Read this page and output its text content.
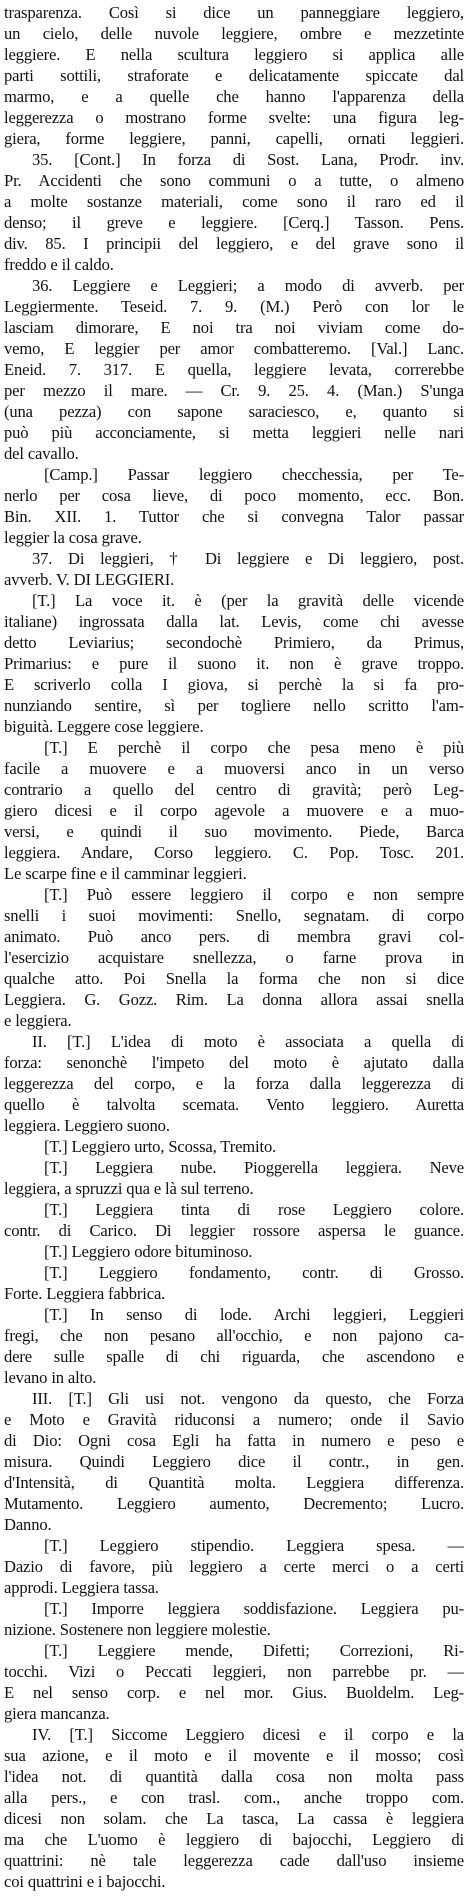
trasparenza. Così si dice un panneggiare leggiero,
un cielo, delle nuvole leggiere, ombre e mezzetinte
leggiere. E nella scultura leggiero si applica alle
parti sottili, straforate e delicatamente spiccate dal
marmo, e a quelle che hanno l'apparenza della
leggerezza o mostrano forme svelte: una figura leg-
giera, forme leggiere, panni, capelli, ornati leggieri.
35. [Cont.] In forza di Sost. Lana, Prodr. inv.
Pr. Accidenti che sono communi o a tutte, o almeno
a molte sostanze materiali, come sono il raro ed il
denso; il greve e leggiere. [Cerq.] Tasson. Pens.
div. 85. I principii del leggiero, e del grave sono il
freddo e il caldo.
36. Leggiere e Leggieri; a modo di avverb. per
Leggiermente. Teseid. 7. 9. (M.) Però con lor le
lasciam dimorare, E noi tra noi viviam come do-
vemo, E leggier per amor combatteremo. [Val.] Lanc.
Eneid. 7. 317. E quella, leggiere levata, correrebbe
per mezzo il mare. — Cr. 9. 25. 4. (Man.) S'unga
(una pezza) con sapone saraciesco, e, quanto si
può più acconciamente, si metta leggieri nelle nari
del cavallo.
[Camp.] Passar leggiero checchessia, per Te-
nerlo per cosa lieve, di poco momento, ecc. Bon.
Bin. XII. 1. Tuttor che si convegna Talor passar
leggier la cosa grave.
37. Di leggieri, † Di leggiere e Di leggiero, post.
avverb. V. DI LEGGIERI.
[T.] La voce it. è (per la gravità delle vicende
italiane) ingrossata dalla lat. Levis, come chi avesse
detto Leviarius; secondochè Primiero, da Primus,
Primarius: e pure il suono it. non è grave troppo.
E scriverlo colla I giova, si perchè la si fa pro-
nunziando sentire, sì per togliere nello scritto l'am-
biguità. Leggere cose leggiere.
[T.] E perchè il corpo che pesa meno è più
facile a muovere e a muoversi anco in un verso
contrario a quello del centro di gravità; però Leg-
giero dicesi e il corpo agevole a muovere e a muo-
versi, e quindi il suo movimento. Piede, Barca
leggiera. Andare, Corso leggiero. C. Pop. Tosc. 201.
Le scarpe fine e il camminar leggieri.
[T.] Può essere leggiero il corpo e non sempre
snelli i suoi movimenti: Snello, segnatam. di corpo
animato. Può anco pers. di membra gravi col-
l'esercizio acquistare snellezza, o farne prova in
qualche atto. Poi Snella la forma che non si dice
Leggiera. G. Gozz. Rim. La donna allora assai snella
e leggiera.
II. [T.] L'idea di moto è associata a quella di
forza: senonchè l'impeto del moto è ajutato dalla
leggerezza del corpo, e la forza dalla leggerezza di
quello è talvolta scemata. Vento leggiero. Auretta
leggiera. Leggiero suono.
[T.] Leggiero urto, Scossa, Tremito.
[T.] Leggiera nube. Pioggerella leggiera. Neve
leggiera, a spruzzi qua e là sul terreno.
[T.] Leggiera tinta di rose Leggiero colore.
contr. di Carico. Di leggier rossore aspersa le guance.
[T.] Leggiero odore bituminoso.
[T.] Leggiero fondamento, contr. di Grosso.
Forte. Leggiera fabbrica.
[T.] In senso di lode. Archi leggieri, Leggieri
fregi, che non pesano all'occhio, e non pajono ca-
dere sulle spalle di chi riguarda, che ascendono e
levano in alto.
III. [T.] Gli usi not. vengono da questo, che Forza
e Moto e Gravità riduconsi a numero; onde il Savio
di Dio: Ogni cosa Egli ha fatta in numero e peso e
misura. Quindi Leggiero dice il contr., in gen.
d'Intensità, di Quantità molta. Leggiera differenza.
Mutamento. Leggiero aumento, Decremento; Lucro.
Danno.
[T.] Leggiero stipendio. Leggiera spesa. —
Dazio di favore, più leggiero a certe merci o a certi
approdi. Leggiera tassa.
[T.] Imporre leggiera soddisfazione. Leggiera pu-
nizione. Sostenere non leggiere molestie.
[T.] Leggiere mende, Difetti; Correzioni, Ri-
tocchi. Vizi o Peccati leggieri, non parrebbe pr. —
E nel senso corp. e nel mor. Gius. Buoldelm. Leg-
giera mancanza.
IV. [T.] Siccome Leggiero dicesi e il corpo e la
sua azione, e il moto e il movente e il mosso; così
l'idea not. di quantità dalla cosa non molta pass
alla pers., e con trasl. com., anche troppo com.
dicesi non solam. che La tasca, La cassa è leggiera
ma che L'uomo è leggiero di bajocchi, Leggiero di
quattrini: nè tale leggerezza cade dall'uso insieme
coi quattrini e i bajocchi.
